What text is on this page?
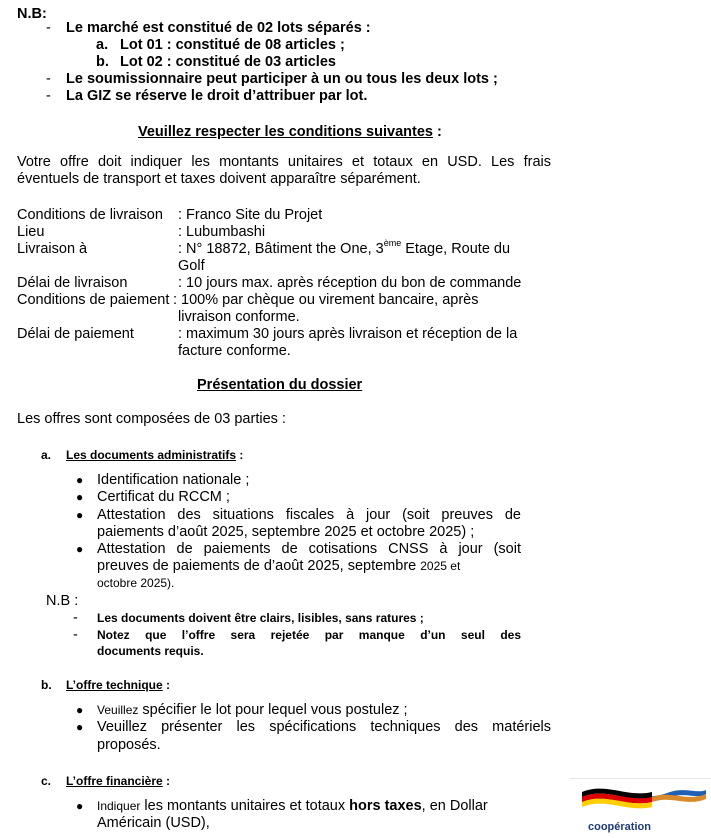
N.B:
- Le marché est constitué de 02 lots séparés :
a. Lot 01 : constitué de 08 articles ;
b. Lot 02 : constitué de 03 articles
- Le soumissionnaire peut participer à un ou tous les deux lots ;
- La GIZ se réserve le droit d’attribuer par lot.
Veuillez respecter les conditions suivantes :
Votre offre doit indiquer les montants unitaires et totaux en USD. Les frais
éventuels de transport et taxes doivent apparaître séparément.
Conditions de livraison : Franco Site du Projet
Lieu	: Lubumbashi
Livraison à	: N° 18872, Bâtiment the One, 3ème Etage, Route du
Golf
Délai de livraison	: 10 jours max. après réception du bon de commande
Conditions de paiement : 100% par chèque ou virement bancaire, après
livraison conforme.
Délai de paiement	: maximum 30 jours après livraison et réception de la
facture conforme.
Présentation du dossier
Les offres sont composées de 03 parties :
a. Les documents administratifs :
● Identification nationale ;
● Certificat du RCCM ;
● Attestation des situations fiscales à jour (soit preuves de
paiements d’août 2025, septembre 2025 et octobre 2025) ;
● Attestation de paiements de cotisations CNSS à jour (soit
preuves de paiements de d’août 2025, septembre 2025 et
octobre 2025).
N.B :
- Les documents doivent être clairs, lisibles, sans ratures ;
- Notez que l’offre sera rejetée par manque d’un seul des
documents requis.
b. L’offre technique :
● Veuillez spécifier le lot pour lequel vous postulez ;
● Veuillez présenter les spécifications techniques des matériels
proposés.
c. L’offre financière :
● Indiquer les montants unitaires et totaux hors taxes, en Dollar
Américain (USD),	coopération
